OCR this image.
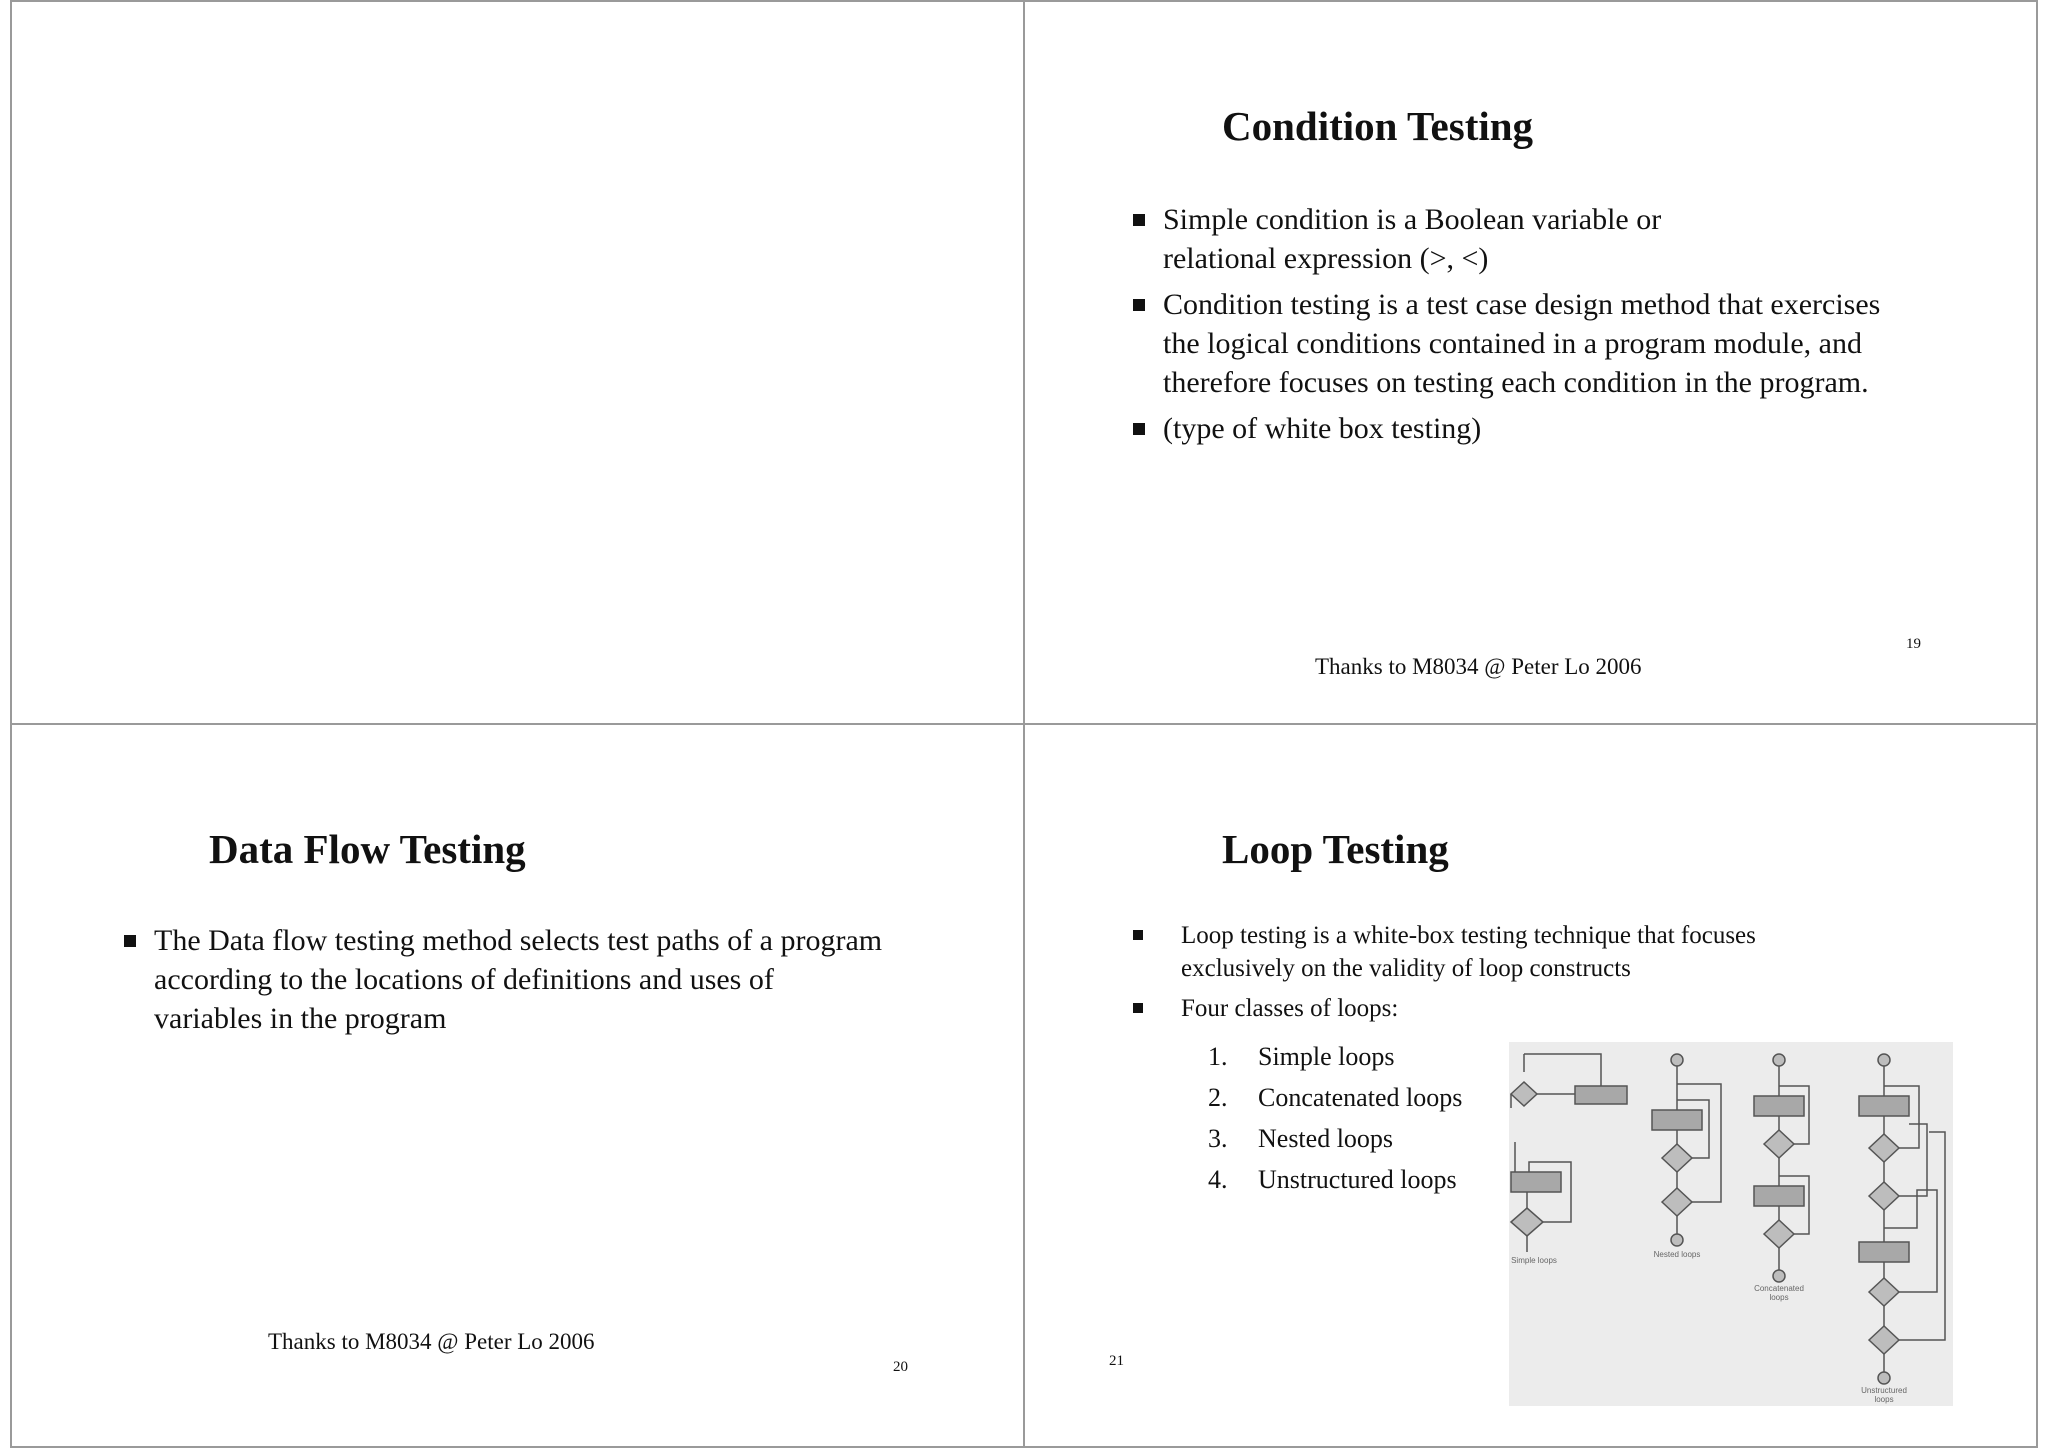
Condition Testing
Simple condition is a Boolean variable or relational expression (>, <)
Condition testing is a test case design method that exercises the logical conditions contained in a program module, and therefore focuses on testing each condition in the program.
(type of white box testing)
19
Thanks to M8034 @ Peter Lo 2006
Data Flow Testing
The Data flow testing method selects test paths of a program according to the locations of definitions and uses of variables in the program
Thanks to M8034 @ Peter Lo 2006
20
Loop Testing
Loop testing is a white-box testing technique that focuses exclusively on the validity of loop constructs
Four classes of loops:
1. Simple loops
2. Concatenated loops
3. Nested loops
4. Unstructured loops
21
Simple loops
Nested loops
Concatenated loops
Unstructured loops
